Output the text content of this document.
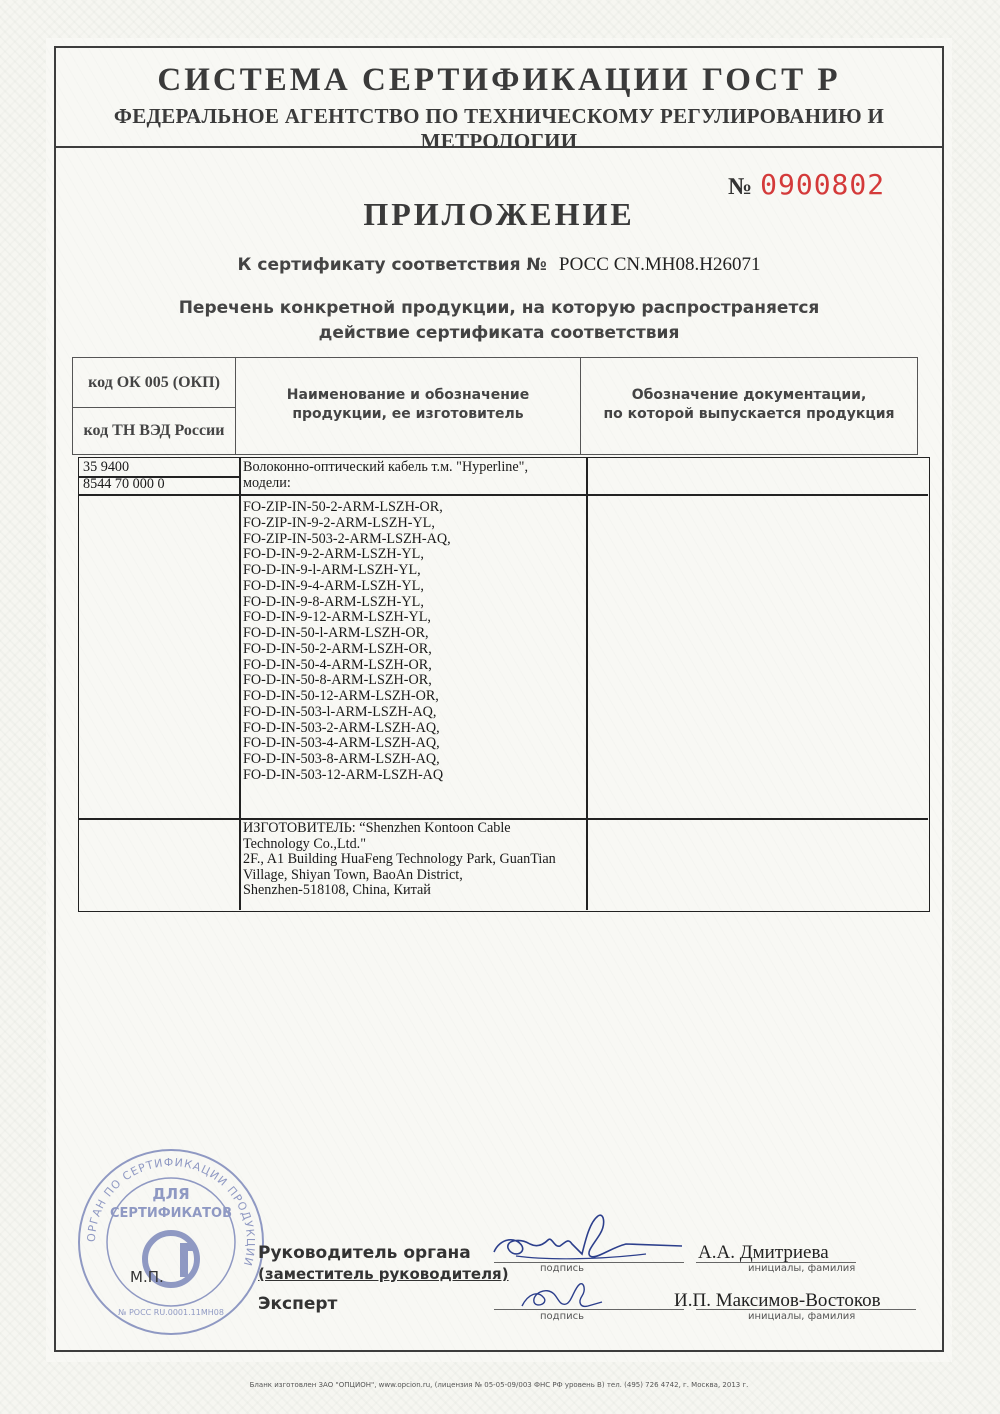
СИСТЕМА СЕРТИФИКАЦИИ ГОСТ Р
ФЕДЕРАЛЬНОЕ АГЕНТСТВО ПО ТЕХНИЧЕСКОМУ РЕГУЛИРОВАНИЮ И МЕТРОЛОГИИ
№ 0900802
ПРИЛОЖЕНИЕ
К сертификату соответствия № РОСС CN.MH08.H26071
Перечень конкретной продукции, на которую распространяется
действие сертификата соответствия
код ОК 005 (ОКП)
код ТН ВЭД России
Наименование и обозначение
продукции, ее изготовитель
Обозначение документации,
по которой выпускается продукция
35 9400
8544 70 000 0
Волоконно-оптический кабель т.м. "Hyperline",
модели:
FO-ZIP-IN-50-2-ARM-LSZH-OR,
FO-ZIP-IN-9-2-ARM-LSZH-YL,
FO-ZIP-IN-503-2-ARM-LSZH-AQ,
FO-D-IN-9-2-ARM-LSZH-YL,
FO-D-IN-9-l-ARM-LSZH-YL,
FO-D-IN-9-4-ARM-LSZH-YL,
FO-D-IN-9-8-ARM-LSZH-YL,
FO-D-IN-9-12-ARM-LSZH-YL,
FO-D-IN-50-l-ARM-LSZH-OR,
FO-D-IN-50-2-ARM-LSZH-OR,
FO-D-IN-50-4-ARM-LSZH-OR,
FO-D-IN-50-8-ARM-LSZH-OR,
FO-D-IN-50-12-ARM-LSZH-OR,
FO-D-IN-503-l-ARM-LSZH-AQ,
FO-D-IN-503-2-ARM-LSZH-AQ,
FO-D-IN-503-4-ARM-LSZH-AQ,
FO-D-IN-503-8-ARM-LSZH-AQ,
FO-D-IN-503-12-ARM-LSZH-AQ
ИЗГОТОВИТЕЛЬ: “Shenzhen Kontoon Cable
Technology Co.,Ltd."
2F., A1 Building HuaFeng Technology Park, GuanTian
Village, Shiyan Town, BaoAn District,
Shenzhen-518108, China, Китай
ОРГАН ПО СЕРТИФИКАЦИИ ПРОДУКЦИИ
ДЛЯ
СЕРТИФИКАТОВ
№ РОСС RU.0001.11MH08
М.П.
Руководитель органа
(заместитель руководителя)
Эксперт
подпись	инициалы, фамилия
подпись	инициалы, фамилия
А.А. Дмитриева
И.П. Максимов-Востоков
Бланк изготовлен ЗАО "ОПЦИОН", www.opcion.ru, (лицензия № 05-05-09/003 ФНС РФ уровень В) тел. (495) 726 4742, г. Москва, 2013 г.
